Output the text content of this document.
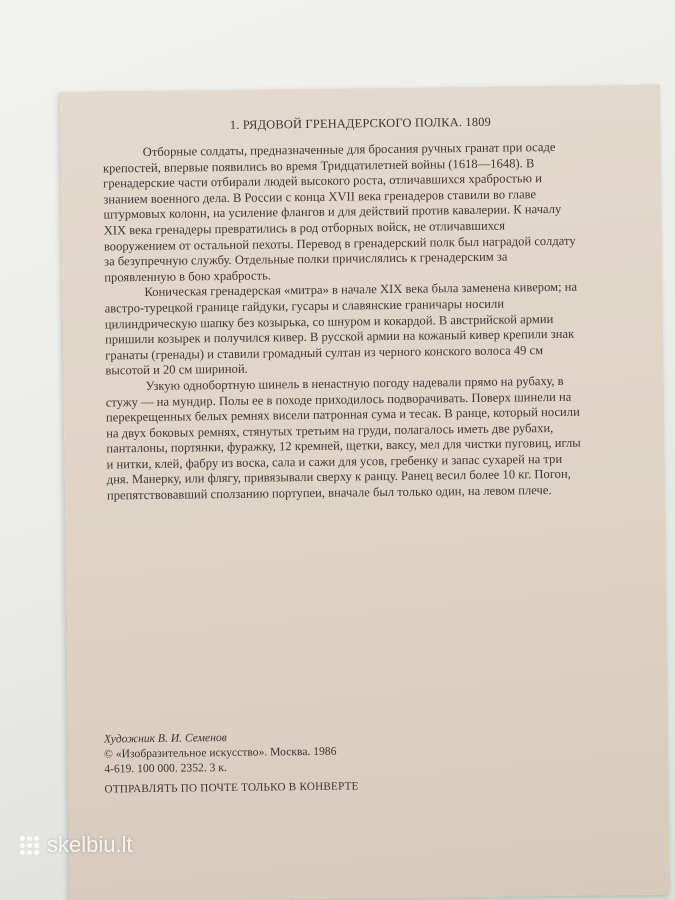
1. РЯДОВОЙ ГРЕНАДЕРСКОГО ПОЛКА. 1809

Отборные солдаты, предназначенные для бросания ручных гранат при осаде крепостей, впервые появились во время Тридцатилетней войны (1618—1648). В гренадерские части отбирали людей высокого роста, отличавшихся храбростью и знанием военного дела. В России с конца XVII века гренадеров ставили во главе штурмовых колонн, на усиление флангов и для действий против кавалерии. К началу XIX века гренадеры превратились в род отборных войск, не отличавшихся вооружением от остальной пехоты. Перевод в гренадерский полк был наградой солдату за безупречную службу. Отдельные полки причислялись к гренадерским за проявленную в бою храбрость.

Коническая гренадерская «митра» в начале XIX века была заменена кивером; на австро-турецкой границе гайдуки, гусары и славянские граничары носили цилиндрическую шапку без козырька, со шнуром и кокардой. В австрийской армии пришили козырек и получился кивер. В русской армии на кожаный кивер крепили знак гранаты (гренады) и ставили громадный султан из черного конского волоса 49 см высотой и 20 см шириной.

Узкую однобортную шинель в ненастную погоду надевали прямо на рубаху, в стужу — на мундир. Полы ее в походе приходилось подворачивать. Поверх шинели на перекрещенных белых ремнях висели патронная сума и тесак. В ранце, который носили на двух боковых ремнях, стянутых третьим на груди, полагалось иметь две рубахи, панталоны, портянки, фуражку, 12 кремней, щетки, ваксу, мел для чистки пуговиц, иглы и нитки, клей, фабру из воска, сала и сажи для усов, гребенку и запас сухарей на три дня. Манерку, или флягу, привязывали сверху к ранцу. Ранец весил более 10 кг. Погон, препятствовавший сползанию портупеи, вначале был только один, на левом плече.

Художник В. И. Семенов
© «Изобразительное искусство». Москва. 1986
4-619. 100 000. 2352. 3 к.
ОТПРАВЛЯТЬ ПО ПОЧТЕ ТОЛЬКО В КОНВЕРТЕ
skelbiu.lt
